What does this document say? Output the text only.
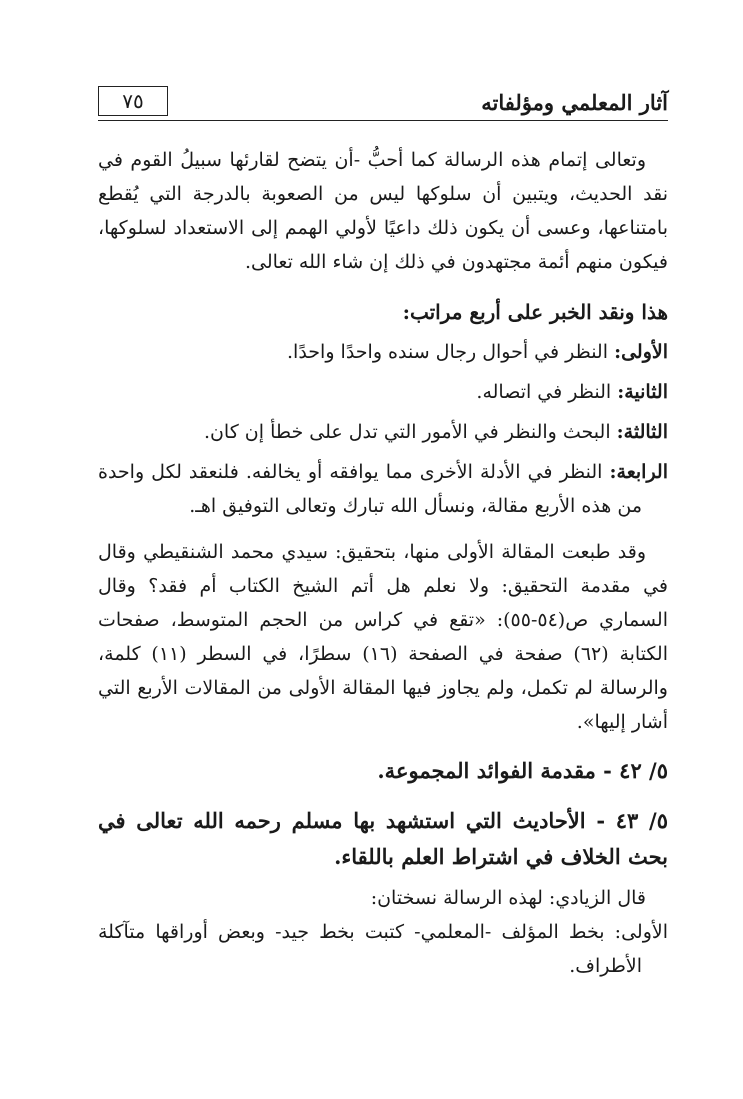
آثار المعلمي ومؤلفاته
٧٥

وتعالى إتمام هذه الرسالة كما أحبُّ -أن يتضح لقارئها سبيلُ القوم في نقد الحديث، ويتبين أن سلوكها ليس من الصعوبة بالدرجة التي يُقطع بامتناعها، وعسى أن يكون ذلك داعيًا لأولي الهمم إلى الاستعداد لسلوكها، فيكون منهم أئمة مجتهدون في ذلك إن شاء الله تعالى.

هذا ونقد الخبر على أربع مراتب:

الأولى: النظر في أحوال رجال سنده واحدًا واحدًا.

الثانية: النظر في اتصاله.

الثالثة: البحث والنظر في الأمور التي تدل على خطأ إن كان.

الرابعة: النظر في الأدلة الأخرى مما يوافقه أو يخالفه. فلنعقد لكل واحدة من هذه الأربع مقالة، ونسأل الله تبارك وتعالى التوفيق اهـ.

وقد طبعت المقالة الأولى منها، بتحقيق: سيدي محمد الشنقيطي وقال في مقدمة التحقيق: ولا نعلم هل أتم الشيخ الكتاب أم فقد؟ وقال السماري ص(٥٤-٥٥): «تقع في كراس من الحجم المتوسط، صفحات الكتابة (٦٢) صفحة في الصفحة (١٦) سطرًا، في السطر (١١) كلمة، والرسالة لم تكمل، ولم يجاوز فيها المقالة الأولى من المقالات الأربع التي أشار إليها».

٥/ ٤٢ - مقدمة الفوائد المجموعة.

٥/ ٤٣ - الأحاديث التي استشهد بها مسلم رحمه الله تعالى في بحث الخلاف في اشتراط العلم باللقاء.

قال الزيادي: لهذه الرسالة نسختان:

الأولى: بخط المؤلف -المعلمي- كتبت بخط جيد- وبعض أوراقها متآكلة الأطراف.
